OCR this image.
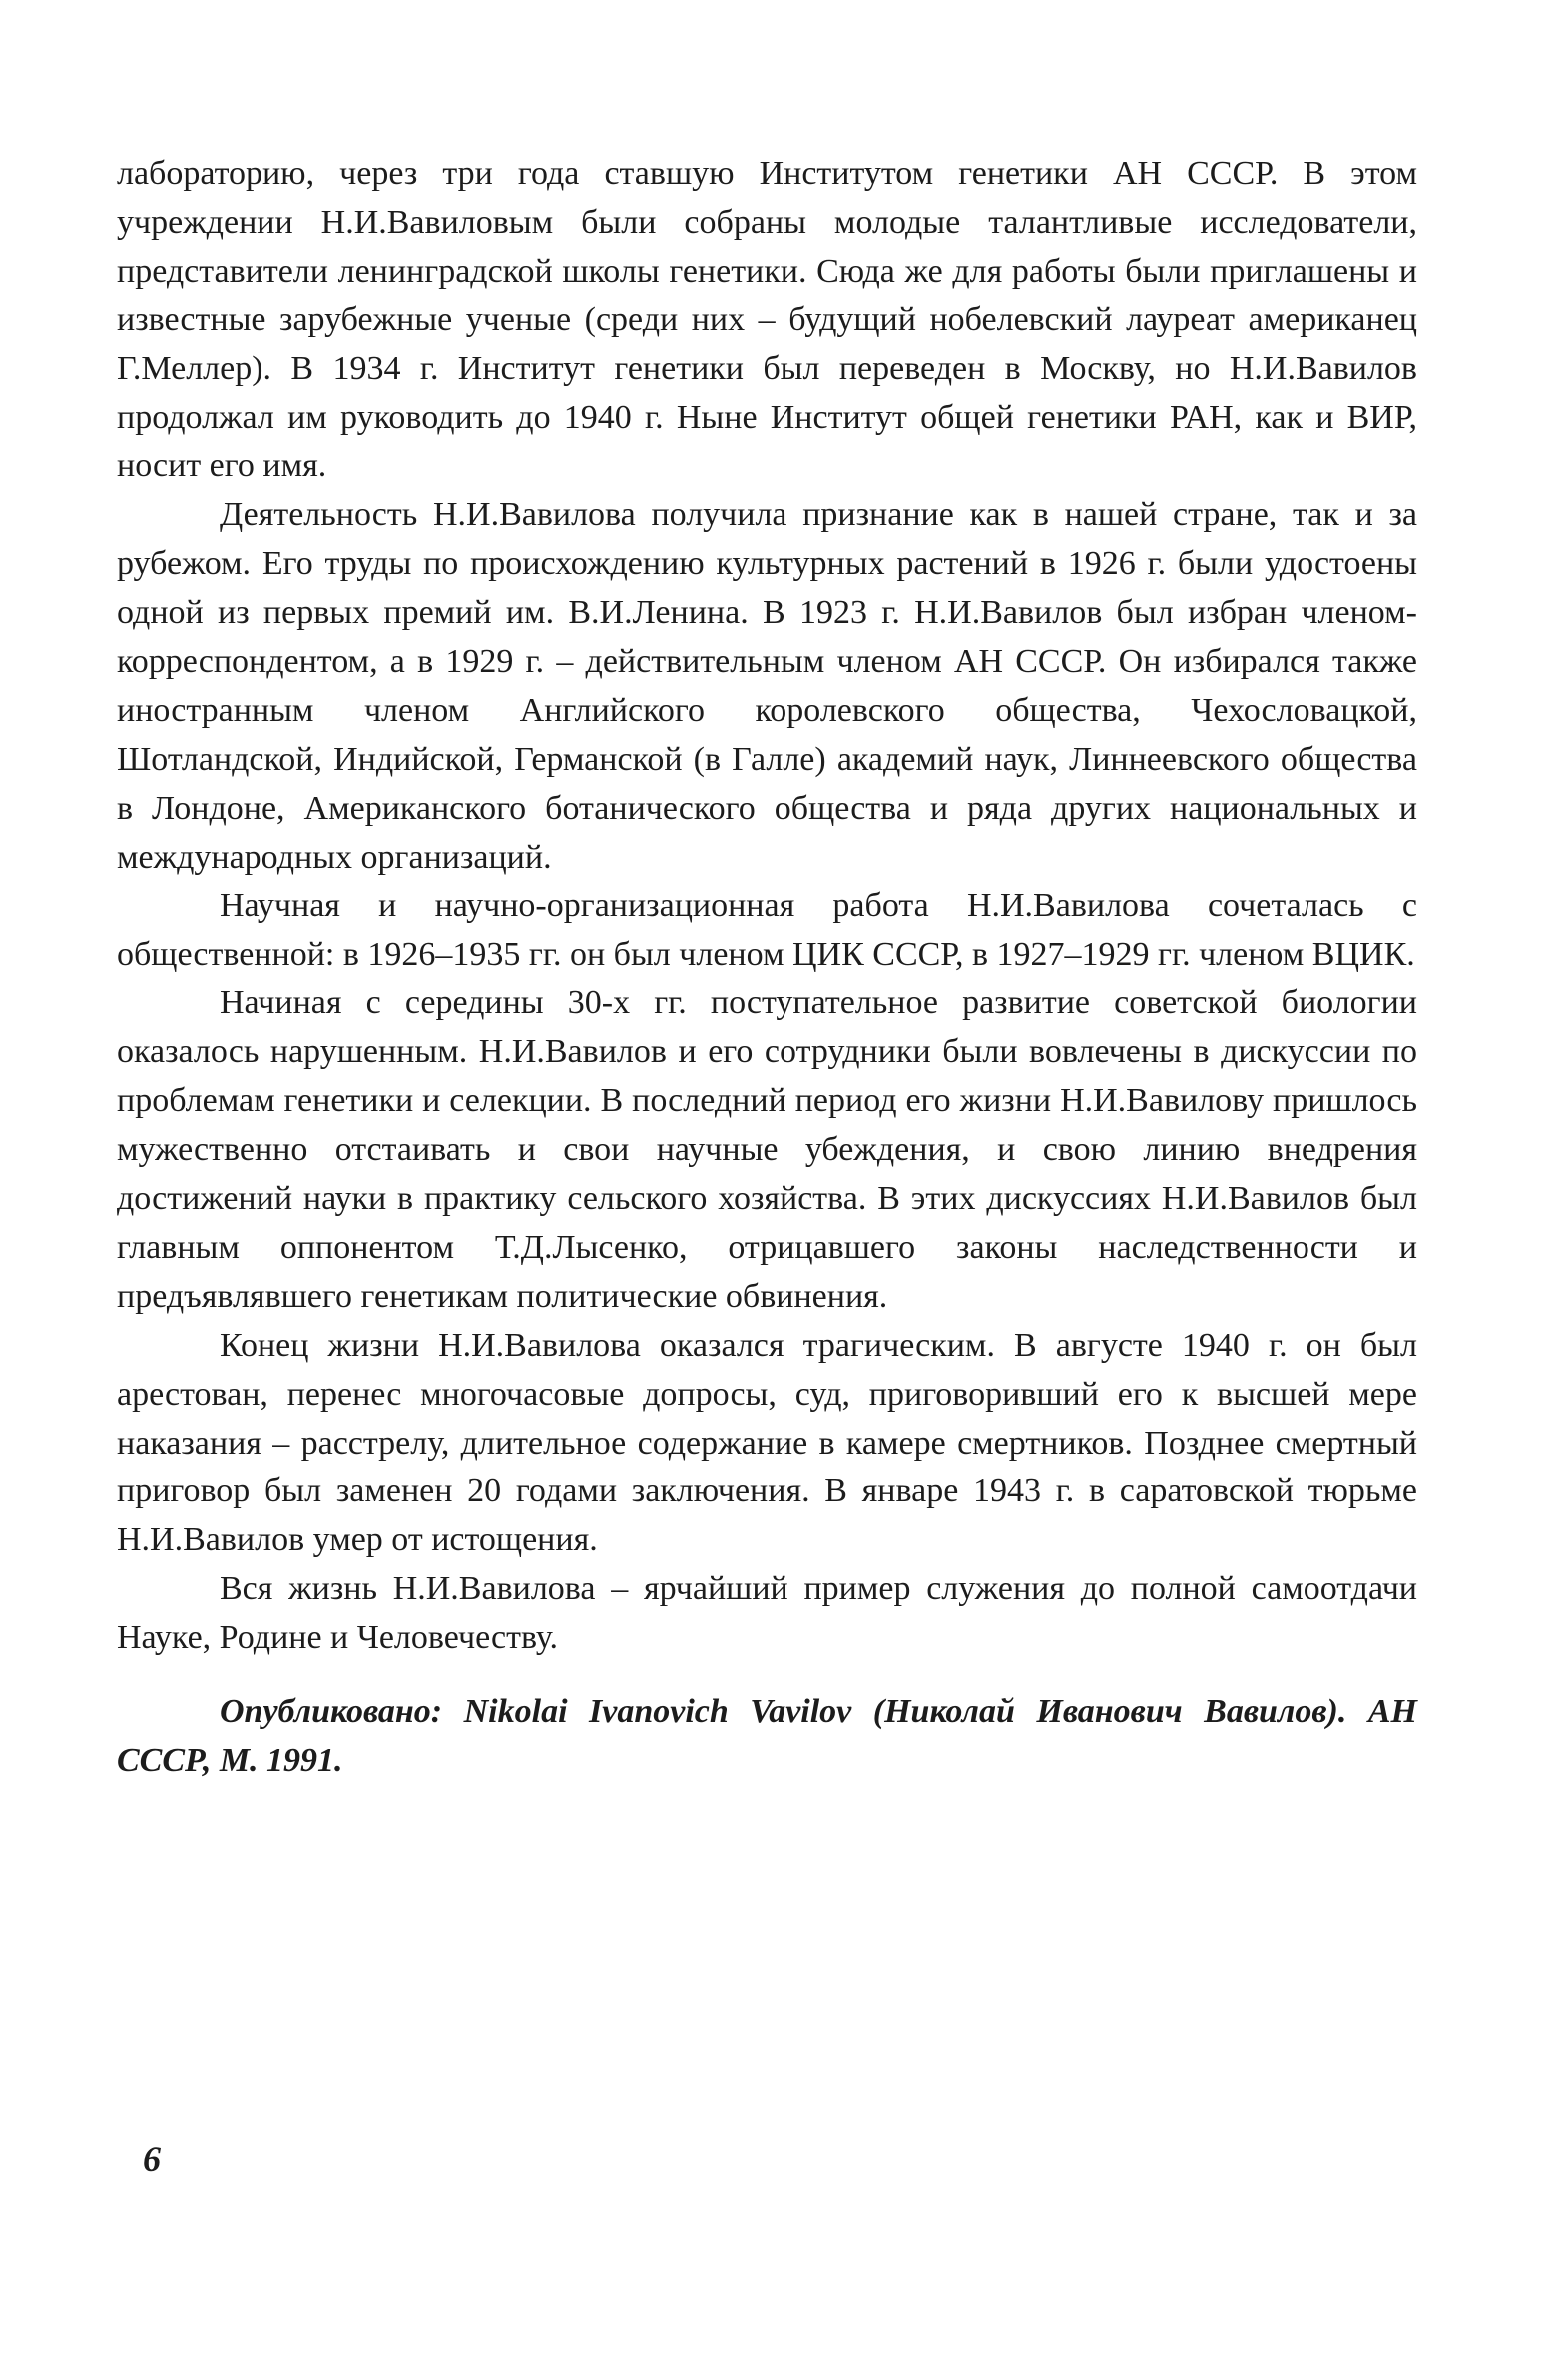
лабораторию, через три года ставшую Институтом генетики АН СССР. В этом учреждении Н.И.Вавиловым были собраны молодые талантливые исследователи, представители ленинградской школы генетики. Сюда же для работы были приглашены и известные зарубежные ученые (среди них – будущий нобелевский лауреат американец Г.Меллер). В 1934 г. Институт генетики был переведен в Москву, но Н.И.Вавилов продолжал им руководить до 1940 г. Ныне Институт общей генетики РАН, как и ВИР, носит его имя.

Деятельность Н.И.Вавилова получила признание как в нашей стране, так и за рубежом. Его труды по происхождению культурных растений в 1926 г. были удостоены одной из первых премий им. В.И.Ленина. В 1923 г. Н.И.Вавилов был избран членом-корреспондентом, а в 1929 г. – действительным членом АН СССР. Он избирался также иностранным членом Английского королевского общества, Чехословацкой, Шотландской, Индийской, Германской (в Галле) академий наук, Линнеевского общества в Лондоне, Американского ботанического общества и ряда других национальных и международных организаций.

Научная и научно-организационная работа Н.И.Вавилова сочеталась с общественной: в 1926–1935 гг. он был членом ЦИК СССР, в 1927–1929 гг. членом ВЦИК.

Начиная с середины 30-х гг. поступательное развитие советской биологии оказалось нарушенным. Н.И.Вавилов и его сотрудники были вовлечены в дискуссии по проблемам генетики и селекции. В последний период его жизни Н.И.Вавилову пришлось мужественно отстаивать и свои научные убеждения, и свою линию внедрения достижений науки в практику сельского хозяйства. В этих дискуссиях Н.И.Вавилов был главным оппонентом Т.Д.Лысенко, отрицавшего законы наследственности и предъявлявшего генетикам политические обвинения.

Конец жизни Н.И.Вавилова оказался трагическим. В августе 1940 г. он был арестован, перенес многочасовые допросы, суд, приговоривший его к высшей мере наказания – расстрелу, длительное содержание в камере смертников. Позднее смертный приговор был заменен 20 годами заключения. В январе 1943 г. в саратовской тюрьме Н.И.Вавилов умер от истощения.

Вся жизнь Н.И.Вавилова – ярчайший пример служения до полной самоотдачи Науке, Родине и Человечеству.

Опубликовано: Nikolai Ivanovich Vavilov (Николай Иванович Вавилов). АН СССР, М. 1991.

6
